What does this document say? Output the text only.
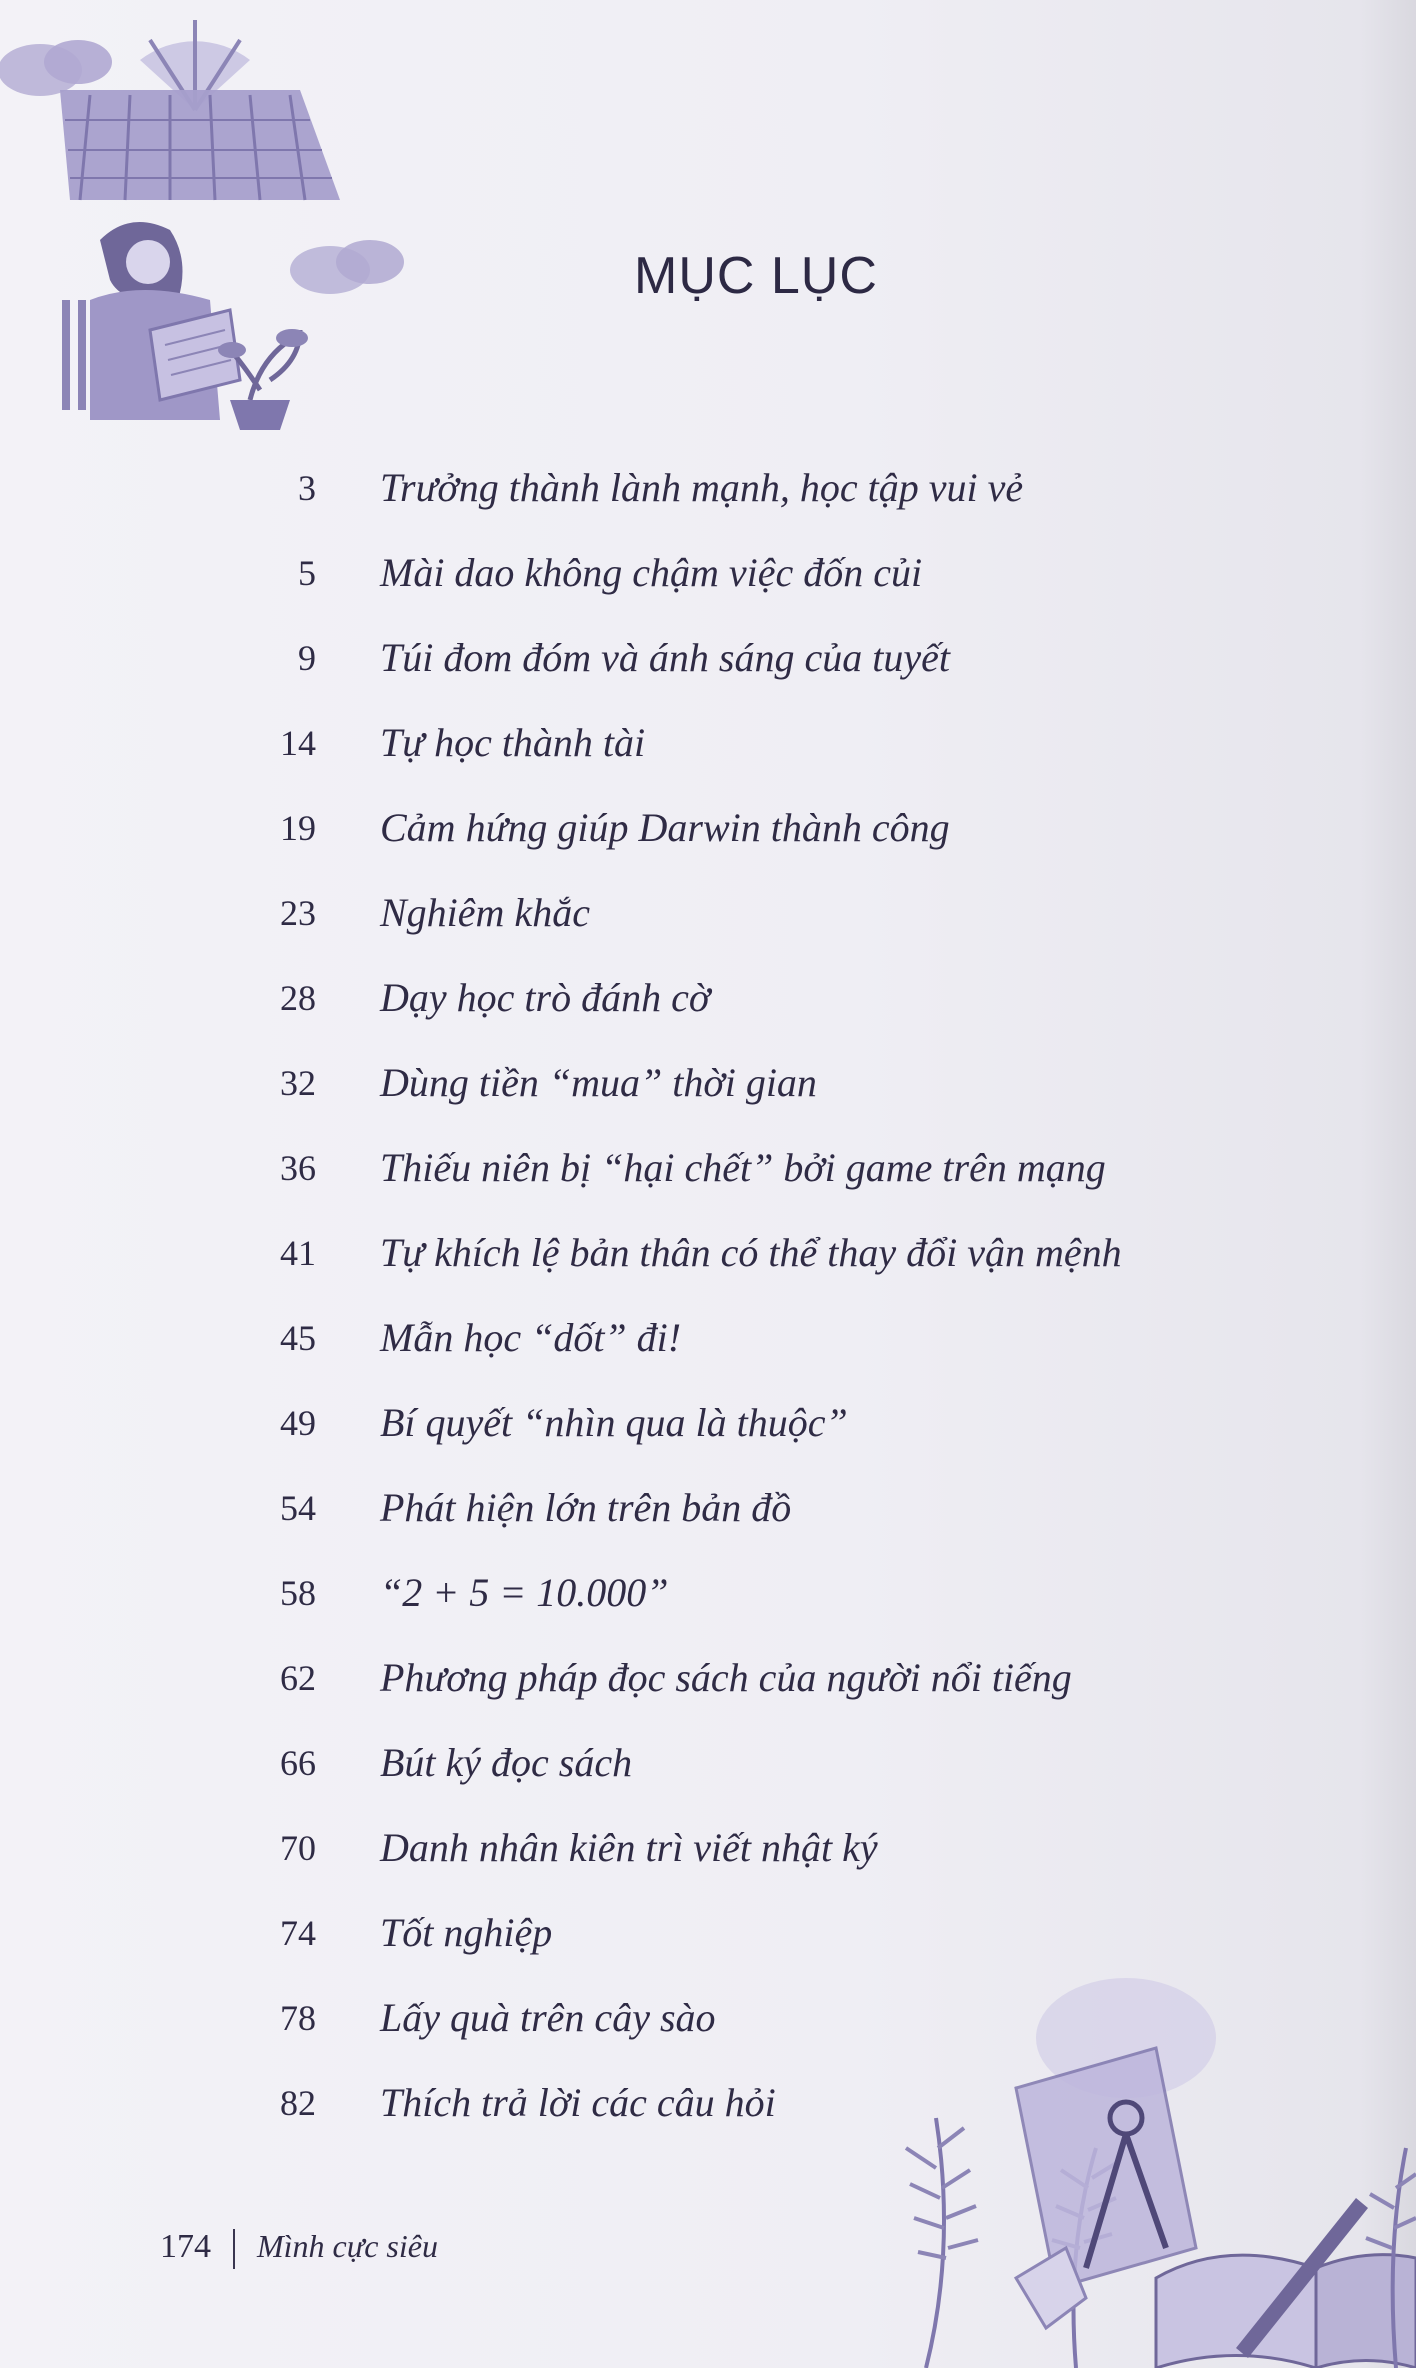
MỤC LỤC
3 Trưởng thành lành mạnh, học tập vui vẻ
5 Mài dao không chậm việc đốn củi
9 Túi đom đóm và ánh sáng của tuyết
14 Tự học thành tài
19 Cảm hứng giúp Darwin thành công
23 Nghiêm khắc
28 Dạy học trò đánh cờ
32 Dùng tiền “mua” thời gian
36 Thiếu niên bị “hại chết” bởi game trên mạng
41 Tự khích lệ bản thân có thể thay đổi vận mệnh
45 Mẫn học “dốt” đi!
49 Bí quyết “nhìn qua là thuộc”
54 Phát hiện lớn trên bản đồ
58 “2 + 5 = 10.000”
62 Phương pháp đọc sách của người nổi tiếng
66 Bút ký đọc sách
70 Danh nhân kiên trì viết nhật ký
74 Tốt nghiệp
78 Lấy quà trên cây sào
82 Thích trả lời các câu hỏi
174 Mình cực siêu
